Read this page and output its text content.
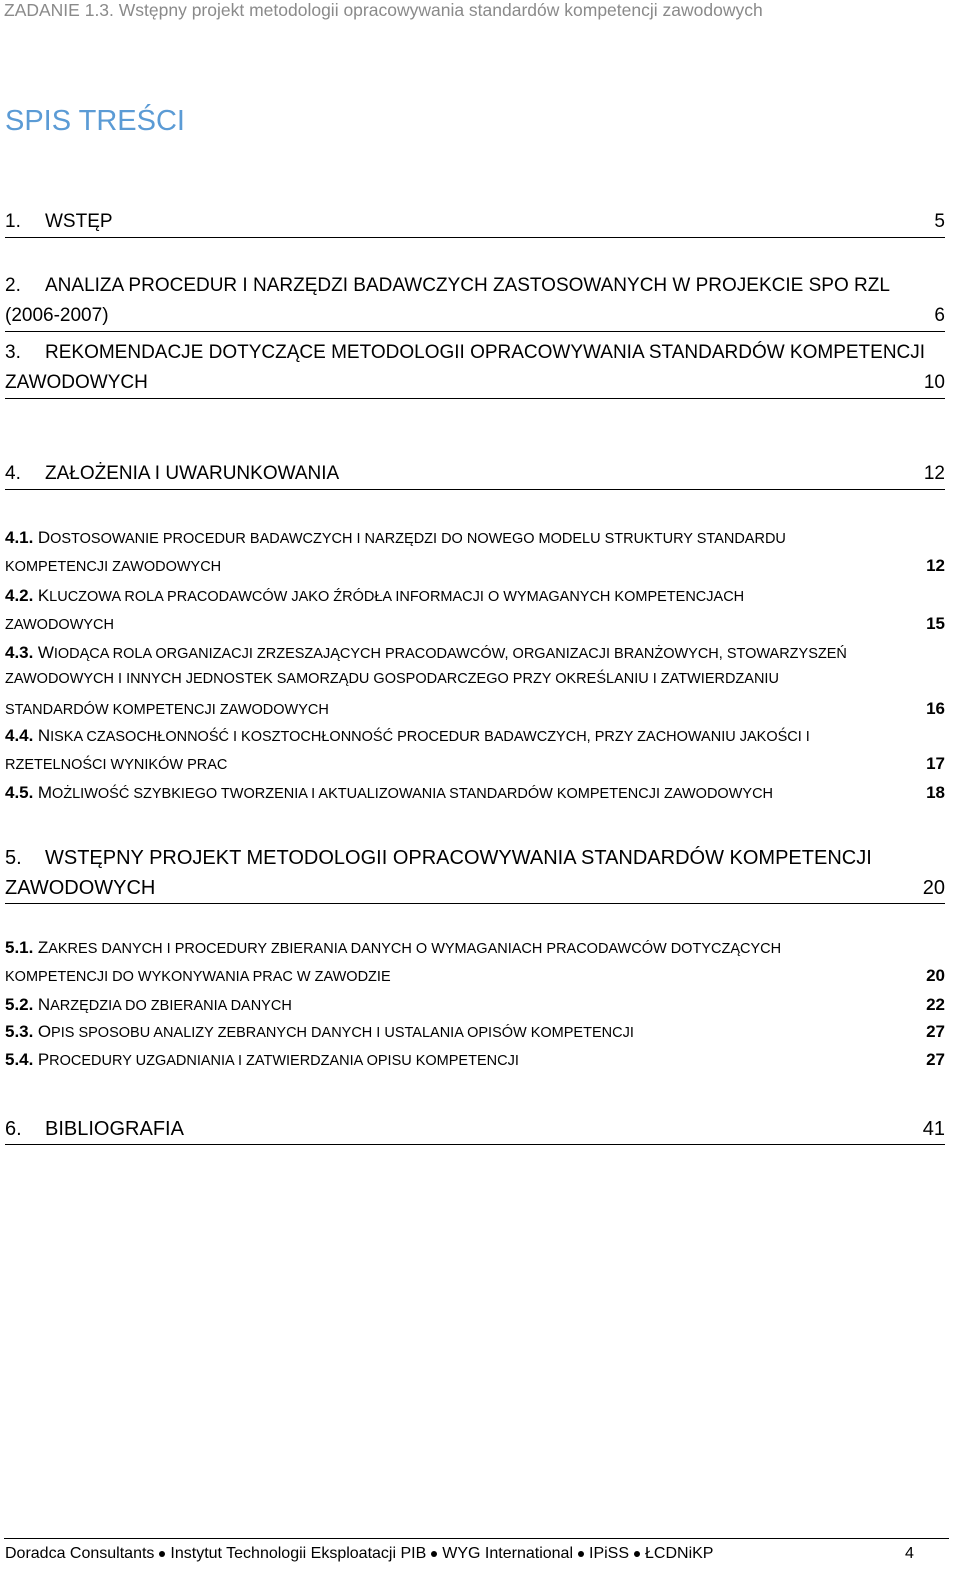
ZADANIE 1.3. Wstępny projekt metodologii opracowywania standardów kompetencji zawodowych
SPIS TREŚCI
1.	WSTĘP	5
2.	ANALIZA PROCEDUR I NARZĘDZI BADAWCZYCH ZASTOSOWANYCH W PROJEKCIE SPO RZL
(2006-2007)	6
3.	REKOMENDACJE DOTYCZĄCE METODOLOGII OPRACOWYWANIA STANDARDÓW KOMPETENCJI
ZAWODOWYCH	10
4.	ZAŁOŻENIA I UWARUNKOWANIA	12
4.1.
DOSTOSOWANIE PROCEDUR BADAWCZYCH I NARZĘDZI DO NOWEGO MODELU STRUKTURY STANDARDU
KOMPETENCJI ZAWODOWYCH	12
4.2.
KLUCZOWA ROLA PRACODAWCÓW JAKO ŹRÓDŁA INFORMACJI O WYMAGANYCH KOMPETENCJACH
ZAWODOWYCH	15
4.3.
WIODĄCA ROLA ORGANIZACJI ZRZESZAJĄCYCH PRACODAWCÓW, ORGANIZACJI BRANŻOWYCH, STOWARZYSZEŃ
ZAWODOWYCH I INNYCH JEDNOSTEK SAMORZĄDU GOSPODARCZEGO PRZY OKREŚLANIU I ZATWIERDZANIU
STANDARDÓW KOMPETENCJI ZAWODOWYCH	16
4.4.
NISKA CZASOCHŁONNOŚĆ I KOSZTOCHŁONNOŚĆ PROCEDUR BADAWCZYCH, PRZY ZACHOWANIU JAKOŚCI I
RZETELNOŚCI WYNIKÓW PRAC	17
4.5.
MOŻLIWOŚĆ SZYBKIEGO TWORZENIA I AKTUALIZOWANIA STANDARDÓW KOMPETENCJI ZAWODOWYCH	18
5.	WSTĘPNY PROJEKT METODOLOGII OPRACOWYWANIA STANDARDÓW KOMPETENCJI
ZAWODOWYCH	20
5.1.
ZAKRES DANYCH I PROCEDURY ZBIERANIA DANYCH O WYMAGANIACH PRACODAWCÓW DOTYCZĄCYCH
KOMPETENCJI DO WYKONYWANIA PRAC W ZAWODZIE	20
5.2.
NARZĘDZIA DO ZBIERANIA DANYCH	22
5.3.
OPIS SPOSOBU ANALIZY ZEBRANYCH DANYCH I USTALANIA OPISÓW KOMPETENCJI	27
5.4.
PROCEDURY UZGADNIANIA I ZATWIERDZANIA OPISU KOMPETENCJI	27
6.	BIBLIOGRAFIA	41
Doradca Consultants Instytut Technologii Eksploatacji PIB WYG International IPiSS ŁCDNiKP	4
